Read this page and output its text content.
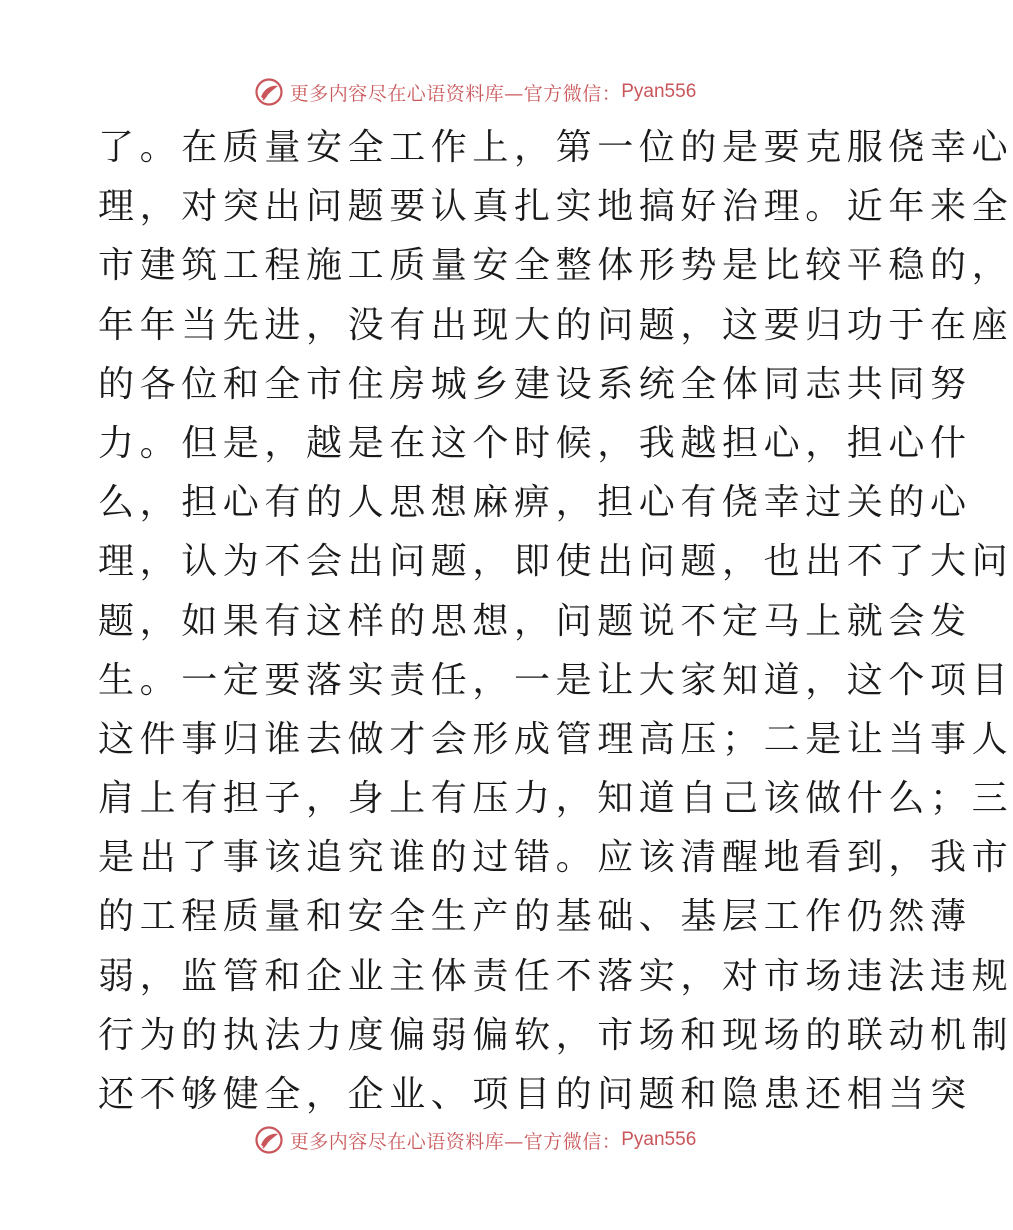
更多内容尽在心语资料库—官方微信： Pyan556
了。在质量安全工作上，第一位的是要克服侥幸心
理，对突出问题要认真扎实地搞好治理。近年来全
市建筑工程施工质量安全整体形势是比较平稳的，
年年当先进，没有出现大的问题，这要归功于在座
的各位和全市住房城乡建设系统全体同志共同努
力。但是，越是在这个时候，我越担心，担心什
么，担心有的人思想麻痹，担心有侥幸过关的心
理，认为不会出问题，即使出问题，也出不了大问
题，如果有这样的思想，问题说不定马上就会发
生。一定要落实责任，一是让大家知道，这个项目
这件事归谁去做才会形成管理高压；二是让当事人
肩上有担子，身上有压力，知道自己该做什么；三
是出了事该追究谁的过错。应该清醒地看到，我市
的工程质量和安全生产的基础、基层工作仍然薄
弱，监管和企业主体责任不落实，对市场违法违规
行为的执法力度偏弱偏软，市场和现场的联动机制
还不够健全，企业、项目的问题和隐患还相当突
更多内容尽在心语资料库—官方微信： Pyan556
